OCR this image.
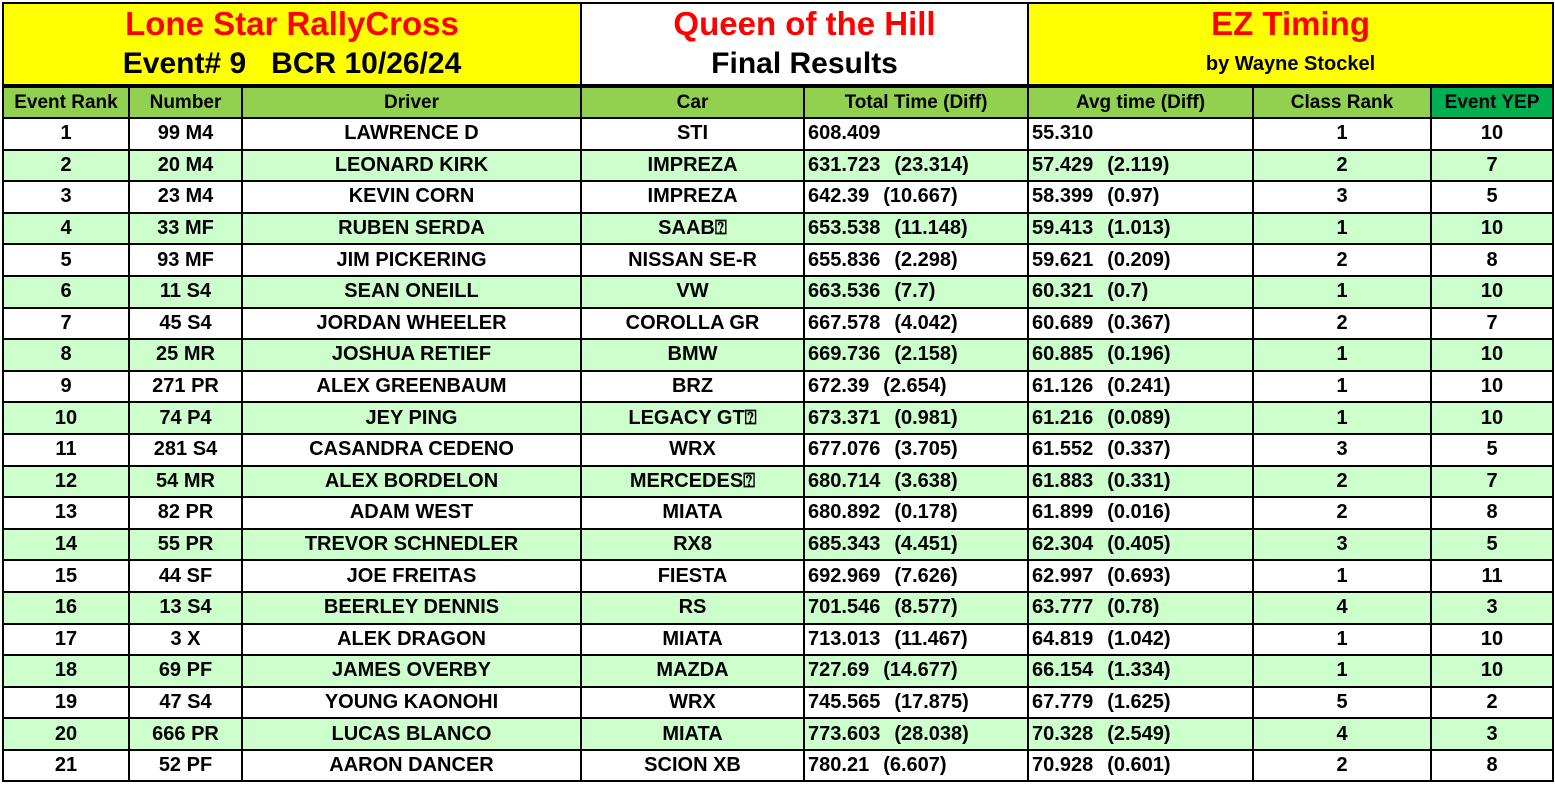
Lone Star RallyCross			Queen of the Hill		EZ Timing		
Event# 9   BCR 10/26/24			Final Results		by Wayne Stockel		
Event Rank	Number	Driver	Car	Total Time (Diff)	Avg time (Diff)	Class Rank	Event YEP
1	99 M4	LAWRENCE D	STI	608.409	55.310	1	10
2	20 M4	LEONARD KIRK	IMPREZA	631.723 (23.314)	57.429 (2.119)	2	7
3	23 M4	KEVIN CORN	IMPREZA	642.39 (10.667)	58.399 (0.97)	3	5
4	33 MF	RUBEN SERDA	SAAB⍰	653.538 (11.148)	59.413 (1.013)	1	10
5	93 MF	JIM PICKERING	NISSAN SE-R	655.836 (2.298)	59.621 (0.209)	2	8
6	11 S4	SEAN ONEILL	VW	663.536 (7.7)	60.321 (0.7)	1	10
7	45 S4	JORDAN WHEELER	COROLLA GR	667.578 (4.042)	60.689 (0.367)	2	7
8	25 MR	JOSHUA RETIEF	BMW	669.736 (2.158)	60.885 (0.196)	1	10
9	271 PR	ALEX GREENBAUM	BRZ	672.39 (2.654)	61.126 (0.241)	1	10
10	74 P4	JEY PING	LEGACY GT⍰	673.371 (0.981)	61.216 (0.089)	1	10
11	281 S4	CASANDRA CEDENO	WRX	677.076 (3.705)	61.552 (0.337)	3	5
12	54 MR	ALEX BORDELON	MERCEDES⍰	680.714 (3.638)	61.883 (0.331)	2	7
13	82 PR	ADAM WEST	MIATA	680.892 (0.178)	61.899 (0.016)	2	8
14	55 PR	TREVOR SCHNEDLER	RX8	685.343 (4.451)	62.304 (0.405)	3	5
15	44 SF	JOE FREITAS	FIESTA	692.969 (7.626)	62.997 (0.693)	1	11
16	13 S4	BEERLEY DENNIS	RS	701.546 (8.577)	63.777 (0.78)	4	3
17	3 X	ALEK DRAGON	MIATA	713.013 (11.467)	64.819 (1.042)	1	10
18	69 PF	JAMES OVERBY	MAZDA	727.69 (14.677)	66.154 (1.334)	1	10
19	47 S4	YOUNG KAONOHI	WRX	745.565 (17.875)	67.779 (1.625)	5	2
20	666 PR	LUCAS BLANCO	MIATA	773.603 (28.038)	70.328 (2.549)	4	3
21	52 PF	AARON DANCER	SCION XB	780.21 (6.607)	70.928 (0.601)	2	8
